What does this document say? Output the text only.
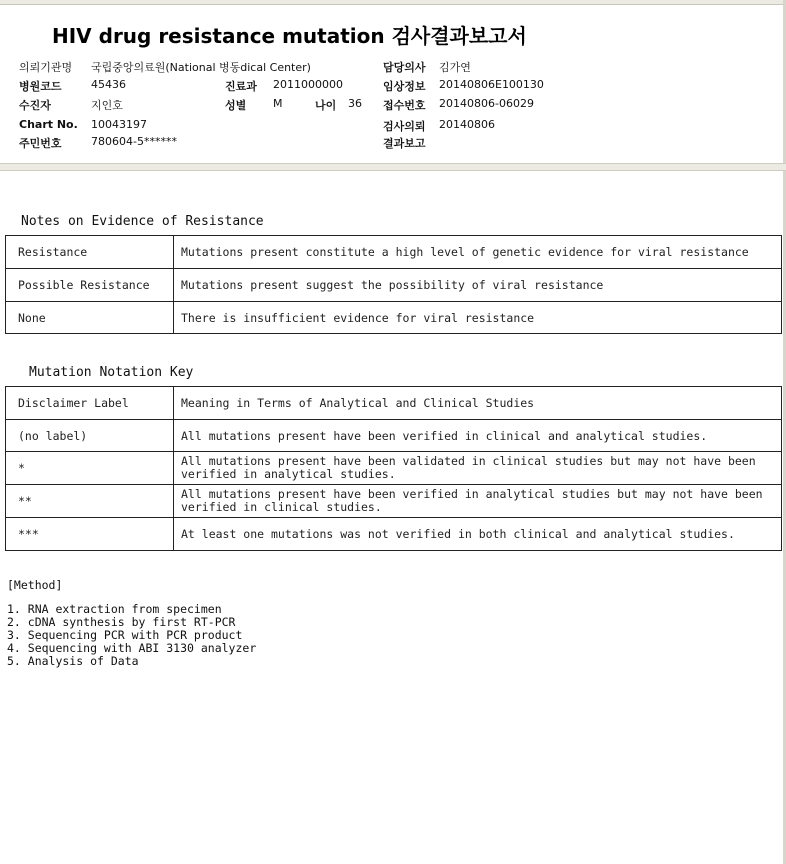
HIV drug resistance mutation 검사결과보고서
의뢰기관명 국립중앙의료원(National 병동dical Center)	담당의사 김가연
병원코드	45436	진료과 2011000000	임상정보 20140806E100130
수진자	지인호	성별 M	나이 36 접수번호 20140806-06029
Chart No. 10043197	검사의뢰 20140806
주민번호	780604-5******	결과보고
Notes on Evidence of Resistance
Resistance	Mutations present constitute a high level of genetic evidence for viral resistance
Possible Resistance	Mutations present suggest the possibility of viral resistance
None	There is insufficient evidence for viral resistance
Mutation Notation Key
Disclaimer Label	Meaning in Terms of Analytical and Clinical Studies
(no label)	All mutations present have been verified in clinical and analytical studies.
*	All mutations present have been validated in clinical studies but may not have been verified in analytical studies.
**	All mutations present have been verified in analytical studies but may not have been verified in clinical studies.
***	At least one mutations was not verified in both clinical and analytical studies.
[Method]
1. RNA extraction from specimen
2. cDNA synthesis by first RT-PCR
3. Sequencing PCR with PCR product
4. Sequencing with ABI 3130 analyzer
5. Analysis of Data
